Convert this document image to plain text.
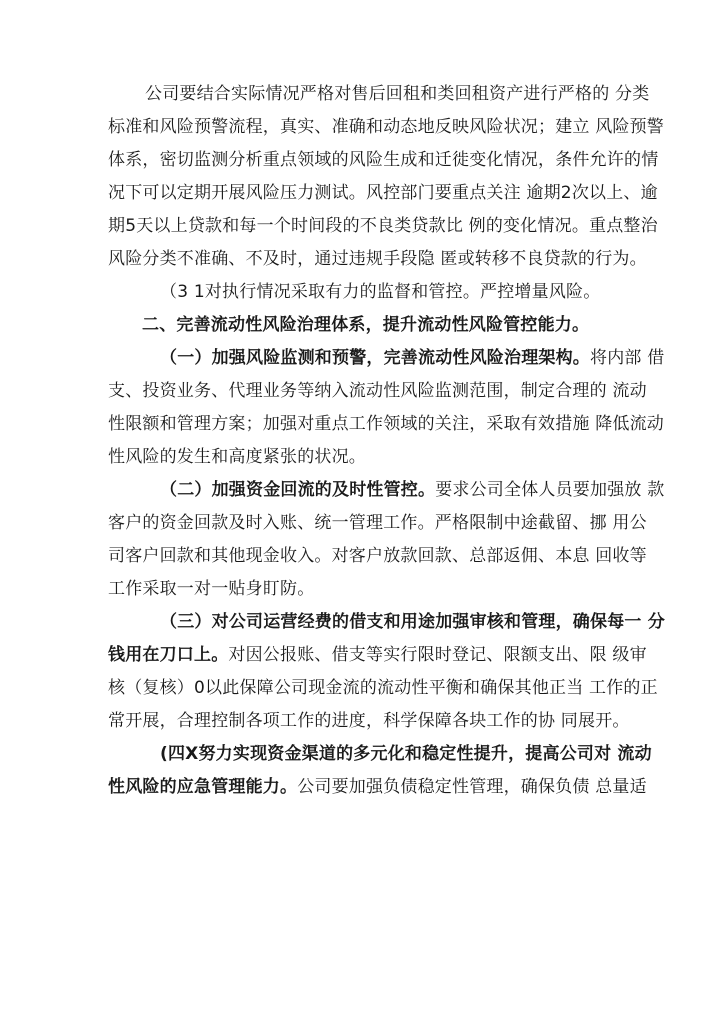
公司要结合实际情况严格对售后回租和类回租资产进行严格的 分类
标准和风险预警流程，真实、准确和动态地反映风险状况；建立 风险预警
体系，密切监测分析重点领域的风险生成和迁徙变化情况，条件允许的情
况下可以定期开展风险压力测试。风控部门要重点关注 逾期2次以上、逾
期5天以上贷款和每一个时间段的不良类贷款比 例的变化情况。重点整治
风险分类不准确、不及时，通过违规手段隐 匿或转移不良贷款的行为。
（3 1对执行情况采取有力的监督和管控。严控增量风险。
二、完善流动性风险治理体系，提升流动性风险管控能力。
（一）加强风险监测和预警，完善流动性风险治理架构。将内部 借
支、投资业务、代理业务等纳入流动性风险监测范围，制定合理的 流动
性限额和管理方案；加强对重点工作领域的关注，采取有效措施 降低流动
性风险的发生和高度紧张的状况。
（二）加强资金回流的及时性管控。要求公司全体人员要加强放 款
客户的资金回款及时入账、统一管理工作。严格限制中途截留、挪 用公
司客户回款和其他现金收入。对客户放款回款、总部返佣、本息 回收等
工作采取一对一贴身盯防。
（三）对公司运营经费的借支和用途加强审核和管理，确保每一 分
钱用在刀口上。对因公报账、借支等实行限时登记、限额支出、限 级审
核（复核）0以此保障公司现金流的流动性平衡和确保其他正当 工作的正
常开展，合理控制各项工作的进度，科学保障各块工作的协 同展开。
(四X努力实现资金渠道的多元化和稳定性提升，提高公司对 流动
性风险的应急管理能力。公司要加强负债稳定性管理，确保负债 总量适
